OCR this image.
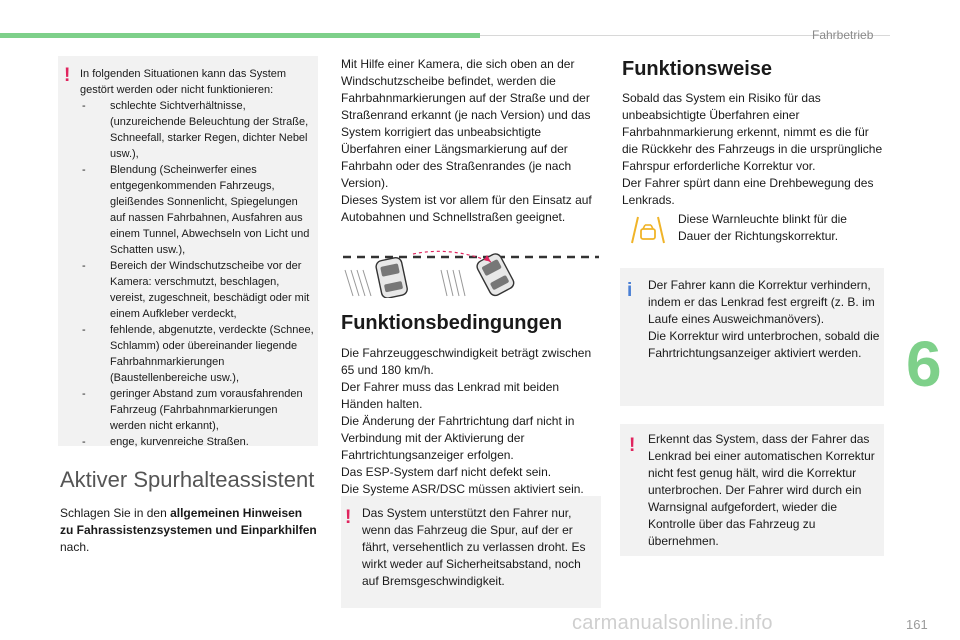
Fahrbetrieb
6
! In folgenden Situationen kann das System gestört werden oder nicht funktionieren:
- schlechte Sichtverhältnisse, (unzureichende Beleuchtung der Straße, Schneefall, starker Regen, dichter Nebel usw.),
- Blendung (Scheinwerfer eines entgegenkommenden Fahrzeugs, gleißendes Sonnenlicht, Spiegelungen auf nassen Fahrbahnen, Ausfahren aus einem Tunnel, Abwechseln von Licht und Schatten usw.),
- Bereich der Windschutzscheibe vor der Kamera: verschmutzt, beschlagen, vereist, zugeschneit, beschädigt oder mit einem Aufkleber verdeckt,
- fehlende, abgenutzte, verdeckte (Schnee, Schlamm) oder übereinander liegende Fahrbahnmarkierungen (Baustellenbereiche usw.),
- geringer Abstand zum vorausfahrenden Fahrzeug (Fahrbahnmarkierungen werden nicht erkannt),
- enge, kurvenreiche Straßen.
Aktiver Spurhalteassistent
Schlagen Sie in den allgemeinen Hinweisen zu Fahrassistenzsystemen und Einparkhilfen nach.
Mit Hilfe einer Kamera, die sich oben an der Windschutzscheibe befindet, werden die Fahrbahnmarkierungen auf der Straße und der Straßenrand erkannt (je nach Version) und das System korrigiert das unbeabsichtigte Überfahren einer Längsmarkierung auf der Fahrbahn oder des Straßenrandes (je nach Version).
Dieses System ist vor allem für den Einsatz auf Autobahnen und Schnellstraßen geeignet.
Funktionsbedingungen
Die Fahrzeuggeschwindigkeit beträgt zwischen 65 und 180 km/h.
Der Fahrer muss das Lenkrad mit beiden Händen halten.
Die Änderung der Fahrtrichtung darf nicht in Verbindung mit der Aktivierung der Fahrtrichtungsanzeiger erfolgen.
Das ESP-System darf nicht defekt sein.
Die Systeme ASR/DSC müssen aktiviert sein.
! Das System unterstützt den Fahrer nur, wenn das Fahrzeug die Spur, auf der er fährt, versehentlich zu verlassen droht. Es wirkt weder auf Sicherheitsabstand, noch auf Bremsgeschwindigkeit.
Funktionsweise
Sobald das System ein Risiko für das unbeabsichtigte Überfahren einer Fahrbahnmarkierung erkennt, nimmt es die für die Rückkehr des Fahrzeugs in die ursprüngliche Fahrspur erforderliche Korrektur vor.
Der Fahrer spürt dann eine Drehbewegung des Lenkrads.
Diese Warnleuchte blinkt für die Dauer der Richtungskorrektur.
i Der Fahrer kann die Korrektur verhindern, indem er das Lenkrad fest ergreift (z. B. im Laufe eines Ausweichmanövers).
Die Korrektur wird unterbrochen, sobald die Fahrtrichtungsanzeiger aktiviert werden.
! Erkennt das System, dass der Fahrer das Lenkrad bei einer automatischen Korrektur nicht fest genug hält, wird die Korrektur unterbrochen. Der Fahrer wird durch ein Warnsignal aufgefordert, wieder die Kontrolle über das Fahrzeug zu übernehmen.
carmanualsonline.info	161
